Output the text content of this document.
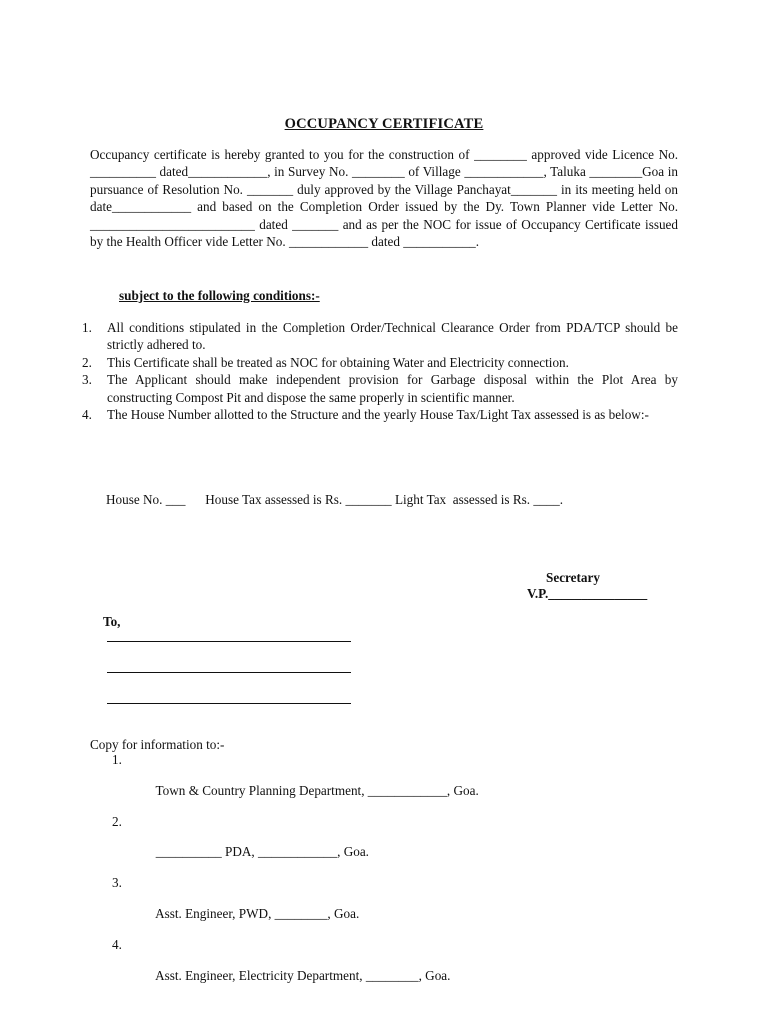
OCCUPANCY CERTIFICATE

Occupancy certificate is hereby granted to you for the construction of ________ approved vide Licence No. __________ dated____________, in Survey No. ________ of Village ____________, Taluka ________Goa in pursuance of Resolution No. _______ duly approved by the Village Panchayat_______ in its meeting held on date____________ and based on the Completion Order issued by the Dy. Town Planner vide Letter No. _________________________ dated _______ and as per the NOC for issue of Occupancy Certificate issued by the Health Officer vide Letter No. ____________ dated ___________.

subject to the following conditions:-
1. All conditions stipulated in the Completion Order/Technical Clearance Order from PDA/TCP should be strictly adhered to.
2. This Certificate shall be treated as NOC for obtaining Water and Electricity connection.
3. The Applicant should make independent provision for Garbage disposal within the Plot Area by constructing Compost Pit and dispose the same properly in scientific manner.
4. The House Number allotted to the Structure and the yearly House Tax/Light Tax assessed is as below:-
House No. ___      House Tax assessed is Rs. _______ Light Tax  assessed is Rs. ____.
Secretary
V.P._______________
To,
Copy for information to:-

1.

Town & Country Planning Department, ____________, Goa.

2.

__________ PDA, ____________, Goa.

3.

Asst. Engineer, PWD, ________, Goa.

4.

Asst. Engineer, Electricity Department, ________, Goa.
